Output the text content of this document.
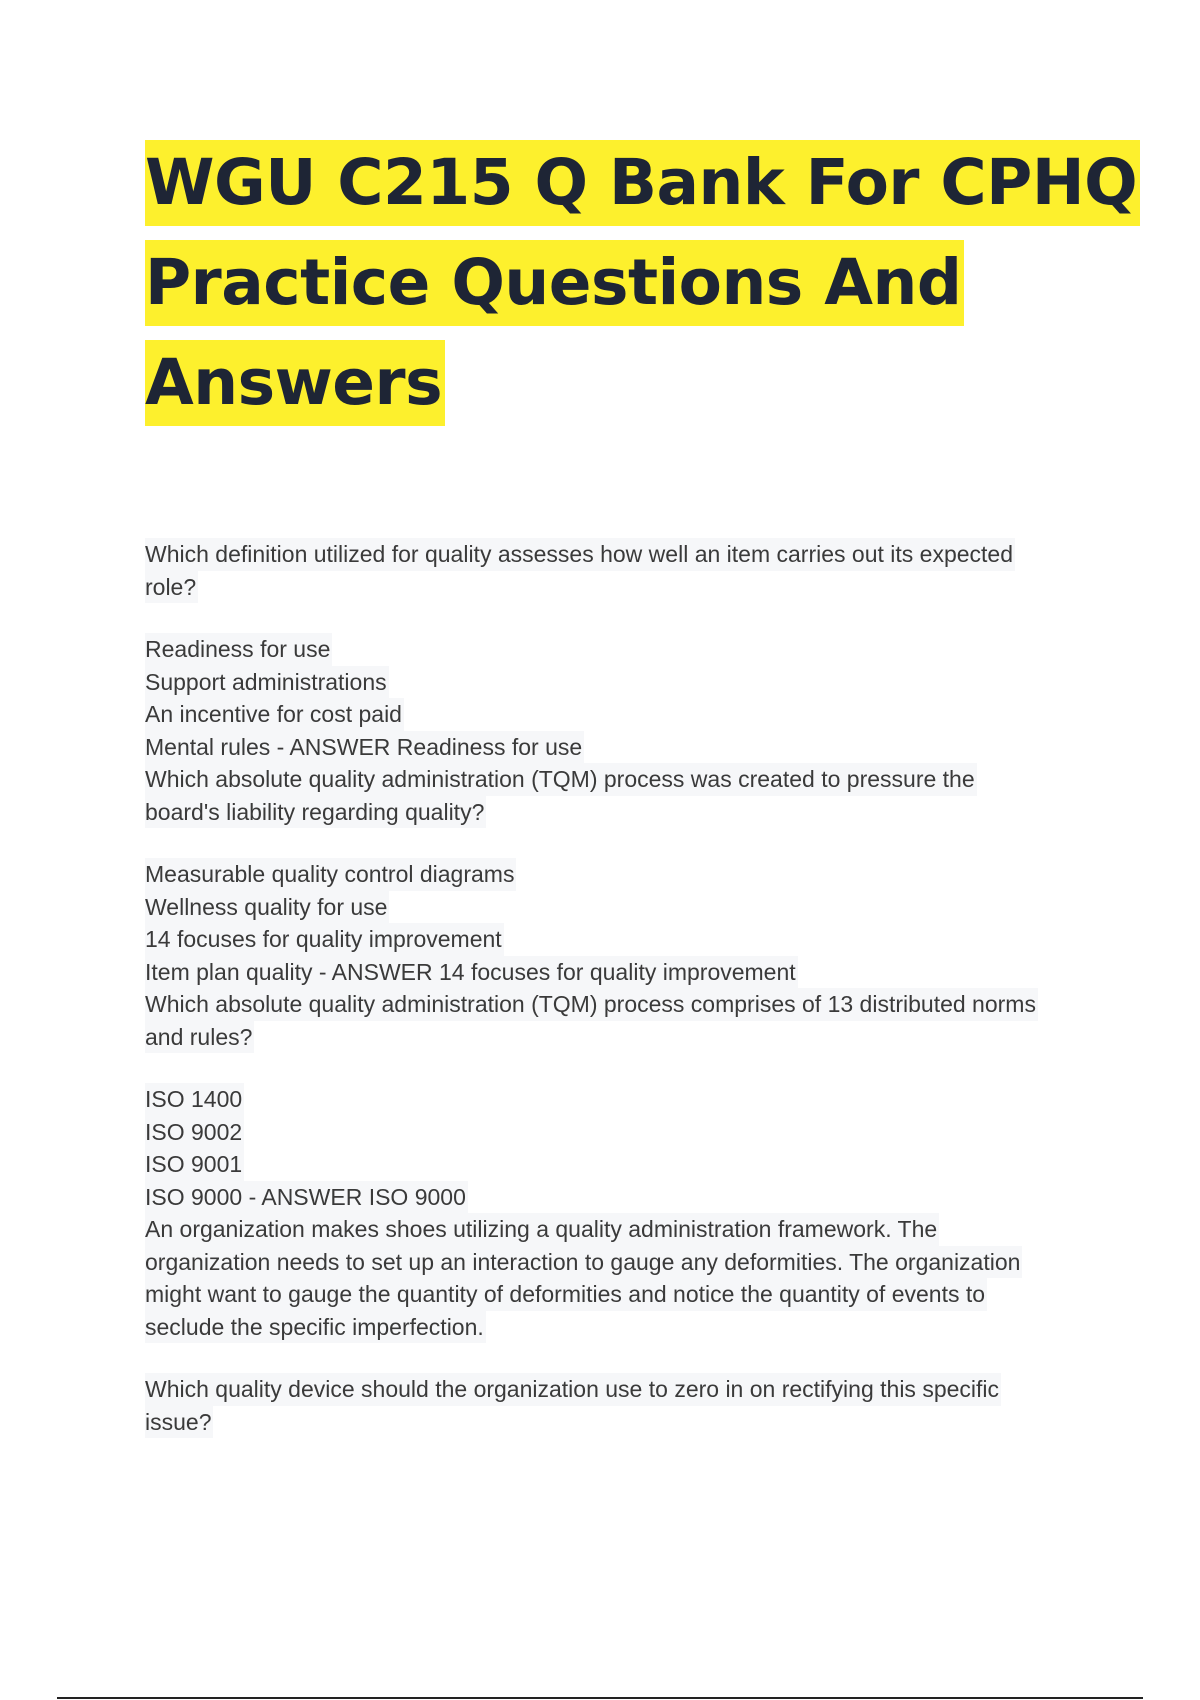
WGU C215 Q Bank For CPHQ
Practice Questions And
Answers
Which definition utilized for quality assesses how well an item carries out its expected
role?
Readiness for use
Support administrations
An incentive for cost paid
Mental rules - ANSWER Readiness for use
Which absolute quality administration (TQM) process was created to pressure the
board's liability regarding quality?
Measurable quality control diagrams
Wellness quality for use
14 focuses for quality improvement
Item plan quality - ANSWER 14 focuses for quality improvement
Which absolute quality administration (TQM) process comprises of 13 distributed norms
and rules?
ISO 1400
ISO 9002
ISO 9001
ISO 9000 - ANSWER ISO 9000
An organization makes shoes utilizing a quality administration framework. The
organization needs to set up an interaction to gauge any deformities. The organization
might want to gauge the quantity of deformities and notice the quantity of events to
seclude the specific imperfection.
Which quality device should the organization use to zero in on rectifying this specific
issue?
